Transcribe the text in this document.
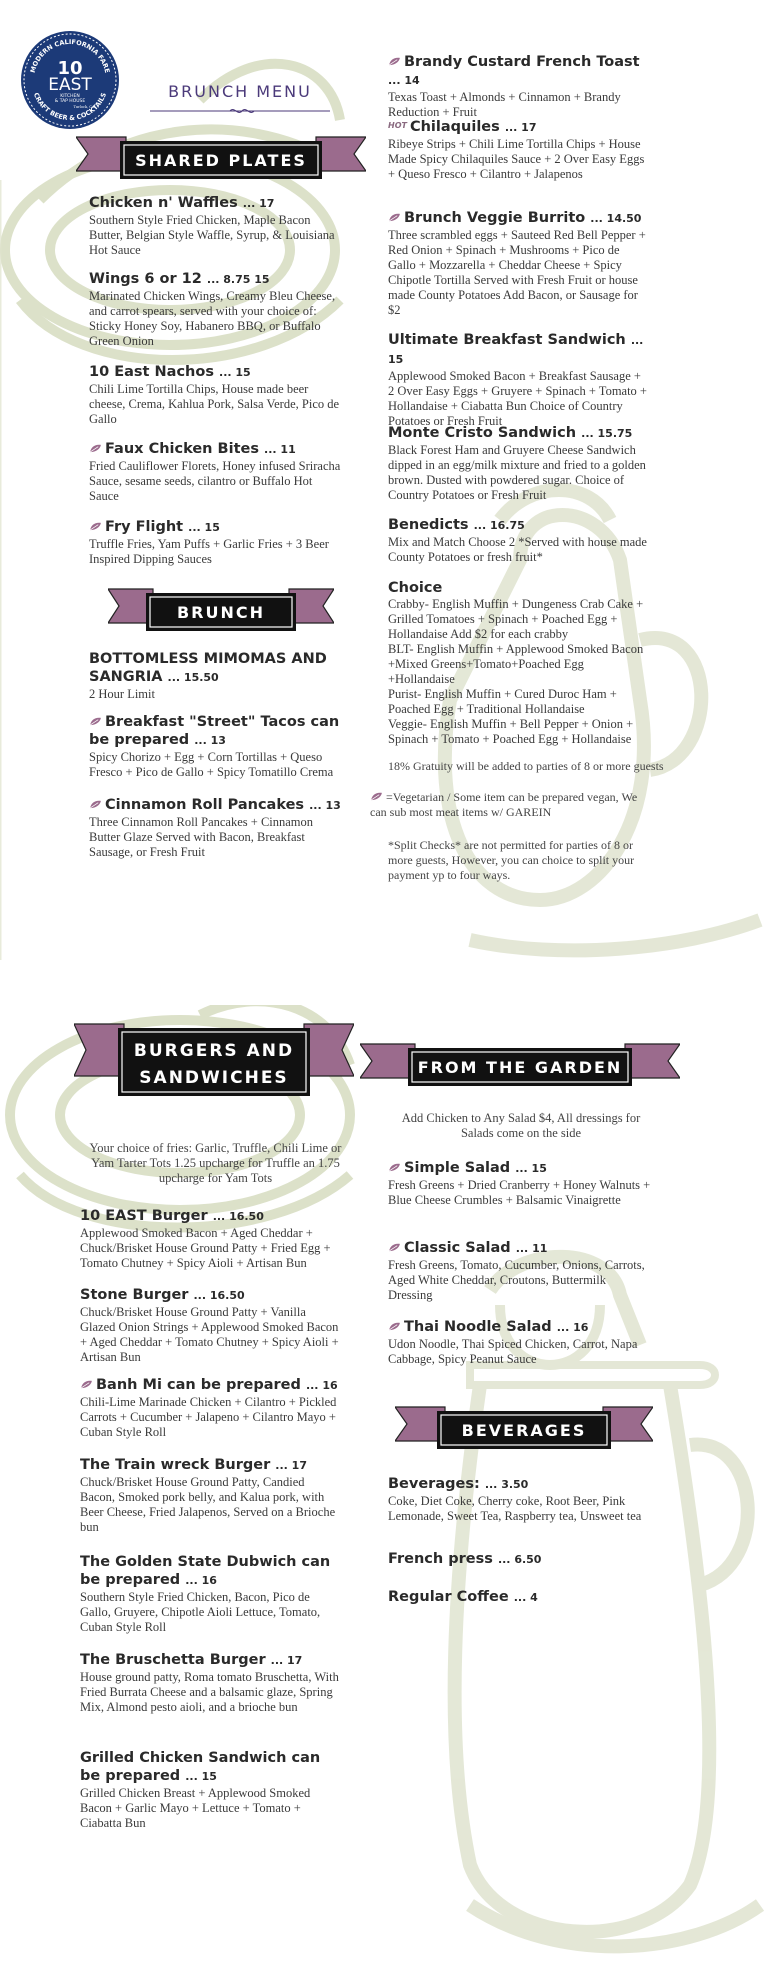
MODERN CALIFORNIA FARE
10
EAST
KITCHEN
& TAP HOUSE
Turlock, CA
CRAFT BEER & COCKTAILS	BRUNCH MENU
SHARED PLATES
Chicken n' Waffles ... 17
Southern Style Fried Chicken, Maple Bacon Butter, Belgian Style Waffle, Syrup, & Louisiana Hot Sauce
Wings 6 or 12 ... 8.75 15
Marinated Chicken Wings, Creamy Bleu Cheese, and carrot spears, served with your choice of: Sticky Honey Soy, Habanero BBQ, or Buffalo Green Onion
10 East Nachos ... 15
Chili Lime Tortilla Chips, House made beer cheese, Crema, Kahlua Pork, Salsa Verde, Pico de Gallo
Faux Chicken Bites ... 11
Fried Cauliflower Florets, Honey infused Sriracha Sauce, sesame seeds, cilantro or Buffalo Hot Sauce
Fry Flight ... 15
Truffle Fries, Yam Puffs + Garlic Fries + 3 Beer Inspired Dipping Sauces
BRUNCH
BOTTOMLESS MIMOMAS AND SANGRIA ... 15.50
2 Hour Limit
Breakfast "Street" Tacos can be prepared ... 13
Spicy Chorizo + Egg + Corn Tortillas + Queso Fresco + Pico de Gallo + Spicy Tomatillo Crema
Cinnamon Roll Pancakes ... 13
Three Cinnamon Roll Pancakes + Cinnamon Butter Glaze Served with Bacon, Breakfast Sausage, or Fresh Fruit
Brandy Custard French Toast ... 14
Texas Toast + Almonds + Cinnamon + Brandy Reduction + Fruit
HOT Chilaquiles ... 17
Ribeye Strips + Chili Lime Tortilla Chips + House Made Spicy Chilaquiles Sauce + 2 Over Easy Eggs + Queso Fresco + Cilantro + Jalapenos
Brunch Veggie Burrito ... 14.50
Three scrambled eggs + Sauteed Red Bell Pepper + Red Onion + Spinach + Mushrooms + Pico de Gallo + Mozzarella + Cheddar Cheese + Spicy Chipotle Tortilla Served with Fresh Fruit or house made County Potatoes Add Bacon, or Sausage for $2
Ultimate Breakfast Sandwich ... 15
Applewood Smoked Bacon + Breakfast Sausage + 2 Over Easy Eggs + Gruyere + Spinach + Tomato + Hollandaise + Ciabatta Bun Choice of Country Potatoes or Fresh Fruit
Monte Cristo Sandwich ... 15.75
Black Forest Ham and Gruyere Cheese Sandwich dipped in an egg/milk mixture and fried to a golden brown. Dusted with powdered sugar. Choice of Country Potatoes or Fresh Fruit
Benedicts ... 16.75
Mix and Match Choose 2 *Served with house made County Potatoes or fresh fruit*
Choice
Crabby- English Muffin + Dungeness Crab Cake + Grilled Tomatoes + Spinach + Poached Egg + Hollandaise Add $2 for each crabby
BLT- English Muffin + Applewood Smoked Bacon +Mixed Greens+Tomato+Poached Egg +Hollandaise
Purist- English Muffin + Cured Duroc Ham + Poached Egg + Traditional Hollandaise
Veggie- English Muffin + Bell Pepper + Onion + Spinach + Tomato + Poached Egg + Hollandaise
18% Gratuity will be added to parties of 8 or more guests
=Vegetarian / Some item can be prepared vegan, We can sub most meat items w/ GAREIN
*Split Checks* are not permitted for parties of 8 or more guests, However, you can choice to split your payment yp to four ways.
BURGERS AND
SANDWICHES
Your choice of fries: Garlic, Truffle, Chili Lime or Yam Tarter Tots 1.25 upcharge for Truffle an 1.75 upcharge for Yam Tots
10 EAST Burger ... 16.50
Applewood Smoked Bacon + Aged Cheddar + Chuck/Brisket House Ground Patty + Fried Egg + Tomato Chutney + Spicy Aioli + Artisan Bun
Stone Burger ... 16.50
Chuck/Brisket House Ground Patty + Vanilla Glazed Onion Strings + Applewood Smoked Bacon + Aged Cheddar + Tomato Chutney + Spicy Aioli + Artisan Bun
Banh Mi can be prepared ... 16
Chili-Lime Marinade Chicken + Cilantro + Pickled Carrots + Cucumber + Jalapeno + Cilantro Mayo + Cuban Style Roll
The Train wreck Burger ... 17
Chuck/Brisket House Ground Patty, Candied Bacon, Smoked pork belly, and Kalua pork, with Beer Cheese, Fried Jalapenos, Served on a Brioche bun
The Golden State Dubwich can be prepared ... 16
Southern Style Fried Chicken, Bacon, Pico de Gallo, Gruyere, Chipotle Aioli Lettuce, Tomato, Cuban Style Roll
The Bruschetta Burger ... 17
House ground patty, Roma tomato Bruschetta, With Fried Burrata Cheese and a balsamic glaze, Spring Mix, Almond pesto aioli, and a brioche bun
Grilled Chicken Sandwich can be prepared ... 15
Grilled Chicken Breast + Applewood Smoked Bacon + Garlic Mayo + Lettuce + Tomato + Ciabatta Bun
FROM THE GARDEN
Add Chicken to Any Salad $4, All dressings for Salads come on the side
Simple Salad ... 15
Fresh Greens + Dried Cranberry + Honey Walnuts + Blue Cheese Crumbles + Balsamic Vinaigrette
Classic Salad ... 11
Fresh Greens, Tomato, Cucumber, Onions, Carrots, Aged White Cheddar, Croutons, Buttermilk Dressing
Thai Noodle Salad ... 16
Udon Noodle, Thai Spiced Chicken, Carrot, Napa Cabbage, Spicy Peanut Sauce
BEVERAGES
Beverages: ... 3.50
Coke, Diet Coke, Cherry coke, Root Beer, Pink Lemonade, Sweet Tea, Raspberry tea, Unsweet tea
French press ... 6.50
Regular Coffee ... 4
